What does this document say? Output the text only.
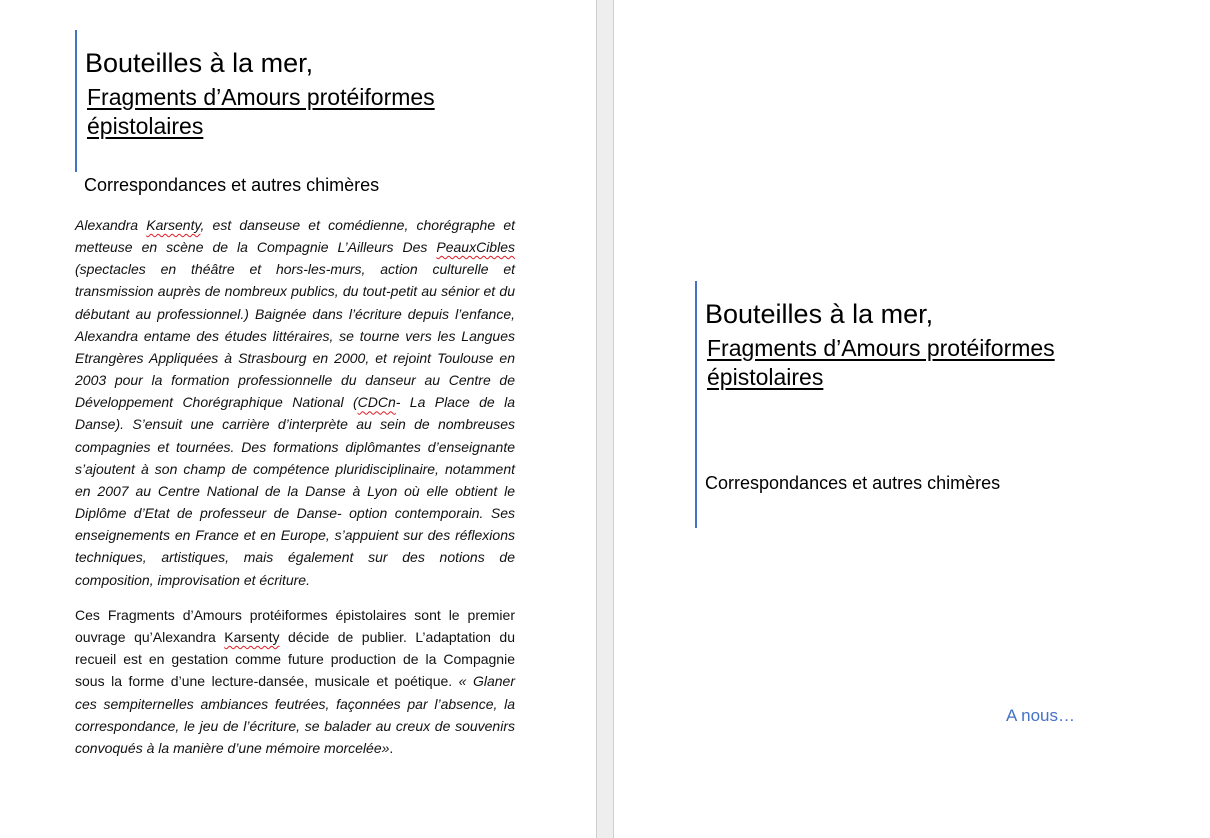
Bouteilles à la mer,
Fragments d’Amours protéiformes
épistolaires
Correspondances et autres chimères

Alexandra Karsenty, est danseuse et comédienne, chorégraphe et metteuse en scène de la Compagnie L’Ailleurs Des PeauxCibles (spectacles en théâtre et hors-les-murs, action culturelle et transmission auprès de nombreux publics, du tout-petit au sénior et du débutant au professionnel.) Baignée dans l’écriture depuis l’enfance, Alexandra entame des études littéraires, se tourne vers les Langues Etrangères Appliquées à Strasbourg en 2000, et rejoint Toulouse en 2003 pour la formation professionnelle du danseur au Centre de Développement Chorégraphique National (CDCn- La Place de la Danse). S’ensuit une carrière d’interprète au sein de nombreuses compagnies et tournées. Des formations diplômantes d’enseignante s’ajoutent à son champ de compétence pluridisciplinaire, notamment en 2007 au Centre National de la Danse à Lyon où elle obtient le Diplôme d’Etat de professeur de Danse- option contemporain. Ses enseignements en France et en Europe, s’appuient sur des réflexions techniques, artistiques, mais également sur des notions de composition, improvisation et écriture.

Ces Fragments d’Amours protéiformes épistolaires sont le premier ouvrage qu’Alexandra Karsenty décide de publier. L’adaptation du recueil est en gestation comme future production de la Compagnie sous la forme d’une lecture-dansée, musicale et poétique. « Glaner ces sempiternelles ambiances feutrées, façonnées par l’absence, la correspondance, le jeu de l’écriture, se balader au creux de souvenirs convoqués à la manière d’une mémoire morcelée».

Bouteilles à la mer,
Fragments d’Amours protéiformes
épistolaires
Correspondances et autres chimères
A nous…
